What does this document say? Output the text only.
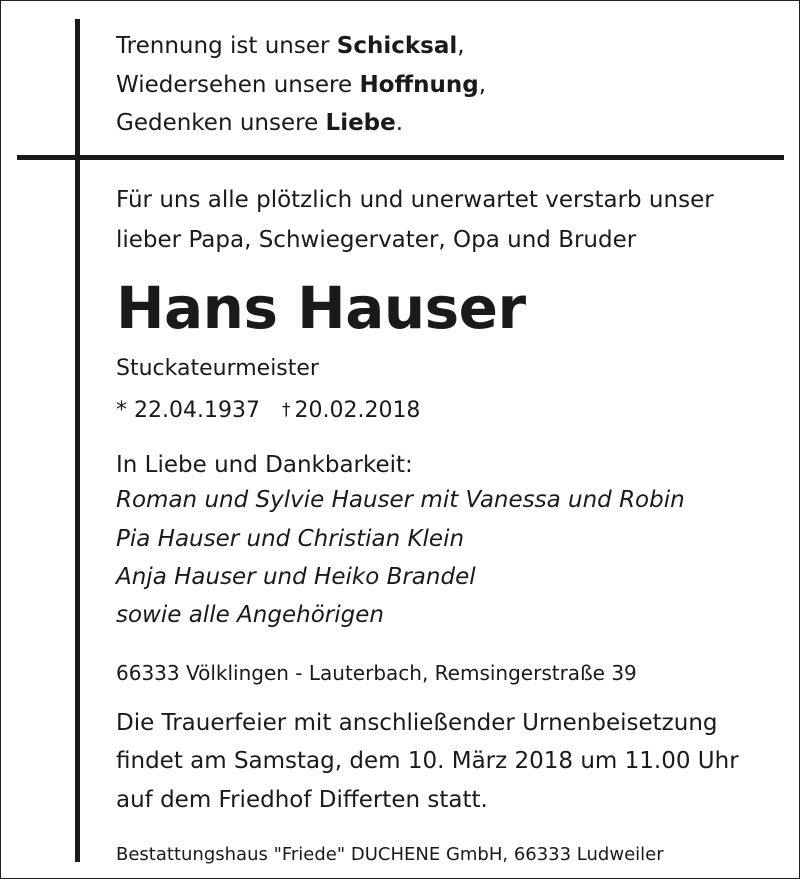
Trennung ist unser Schicksal,
Wiedersehen unsere Hoffnung,
Gedenken unsere Liebe.
Für uns alle plötzlich und unerwartet verstarb unser
lieber Papa, Schwiegervater, Opa und Bruder
Hans Hauser
Stuckateurmeister
* 22.04.1937 † 20.02.2018
In Liebe und Dankbarkeit:
Roman und Sylvie Hauser mit Vanessa und Robin
Pia Hauser und Christian Klein
Anja Hauser und Heiko Brandel
sowie alle Angehörigen
66333 Völklingen - Lauterbach, Remsingerstraße 39
Die Trauerfeier mit anschließender Urnenbeisetzung
findet am Samstag, dem 10. März 2018 um 11.00 Uhr
auf dem Friedhof Differten statt.
Bestattungshaus "Friede" DUCHENE GmbH, 66333 Ludweiler
